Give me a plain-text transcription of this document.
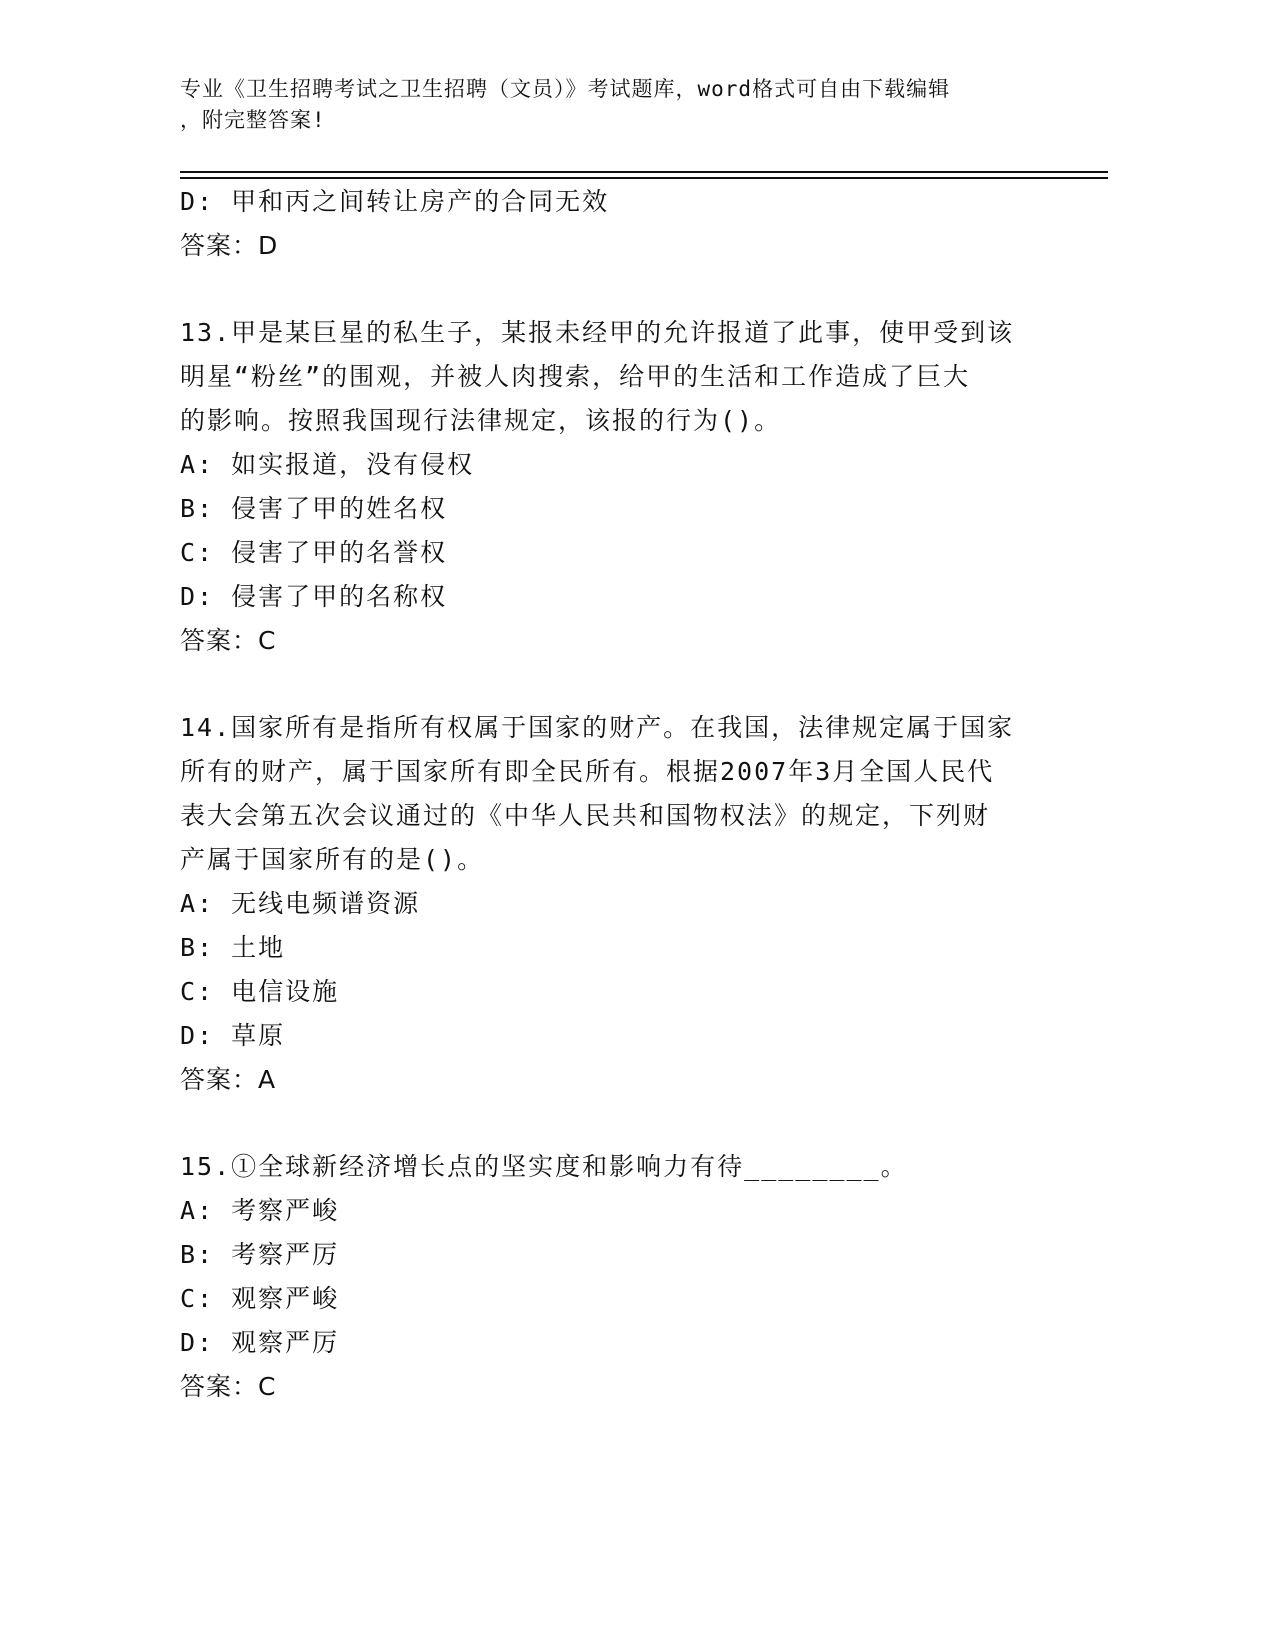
专业《卫生招聘考试之卫生招聘（文员）》考试题库，word格式可自由下载编辑
，附完整答案!
D: 甲和丙之间转让房产的合同无效
答案：D
13.甲是某巨星的私生子，某报未经甲的允许报道了此事，使甲受到该
明星“粉丝”的围观，并被人肉搜索，给甲的生活和工作造成了巨大
的影响。按照我国现行法律规定，该报的行为()。
A: 如实报道，没有侵权
B: 侵害了甲的姓名权
C: 侵害了甲的名誉权
D: 侵害了甲的名称权
答案：C
14.国家所有是指所有权属于国家的财产。在我国，法律规定属于国家
所有的财产，属于国家所有即全民所有。根据2007年3月全国人民代
表大会第五次会议通过的《中华人民共和国物权法》的规定，下列财
产属于国家所有的是()。
A: 无线电频谱资源
B: 土地
C: 电信设施
D: 草原
答案：A
15.①全球新经济增长点的坚实度和影响力有待________。
A: 考察严峻
B: 考察严厉
C: 观察严峻
D: 观察严厉
答案：C
